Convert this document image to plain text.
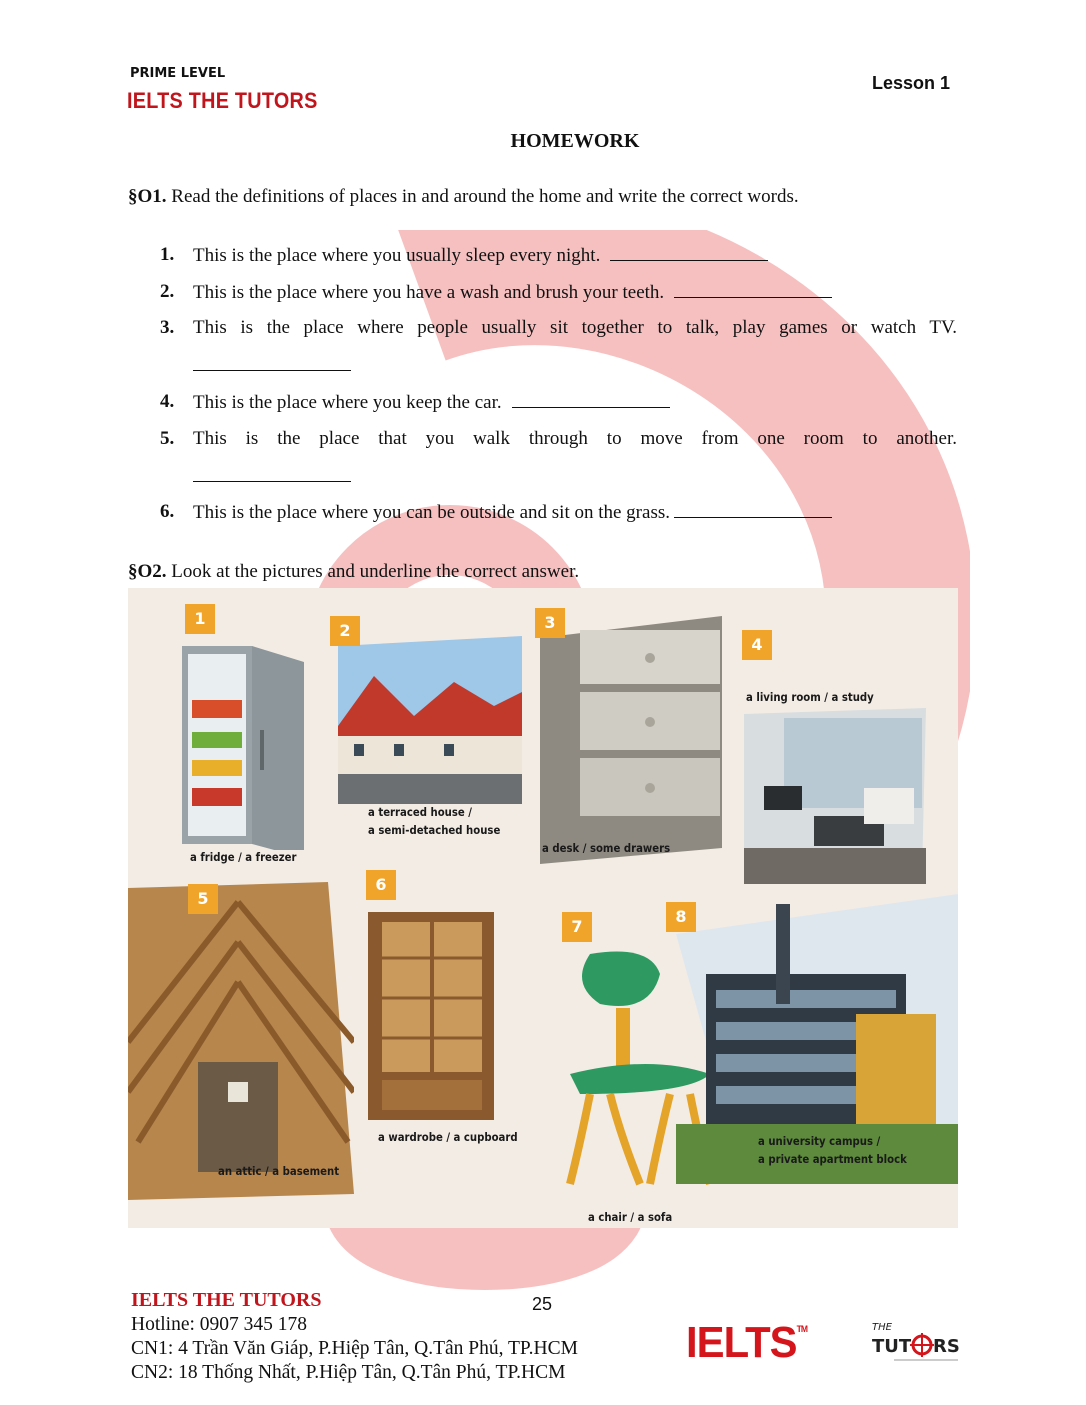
PRIME LEVEL
IELTS THE TUTORS
Lesson 1
HOMEWORK
§O1. Read the definitions of places in and around the home and write the correct words.
1. This is the place where you usually sleep every night.
2. This is the place where you have a wash and brush your teeth.
3. This is the place where people usually sit together to talk, play games or watch TV.
4. This is the place where you keep the car.
5. This is the place that you walk through to move from one room to another.
6. This is the place where you can be outside and sit on the grass.
§O2. Look at the pictures and underline the correct answer.
1
a fridge / a freezer
2
a terraced house /
a semi-detached house
3
a desk / some drawers
4
a living room / a study
5
an attic / a basement
6
a wardrobe / a cupboard
7
a chair / a sofa
8
a university campus /
a private apartment block
IELTS THE TUTORS	25
Hotline: 0907 345 178
CN1: 4 Trần Văn Giáp, P.Hiệp Tân, Q.Tân Phú, TP.HCM
CN2: 18 Thống Nhất, P.Hiệp Tân, Q.Tân Phú, TP.HCM
IELTS™	THE
TUT RS
